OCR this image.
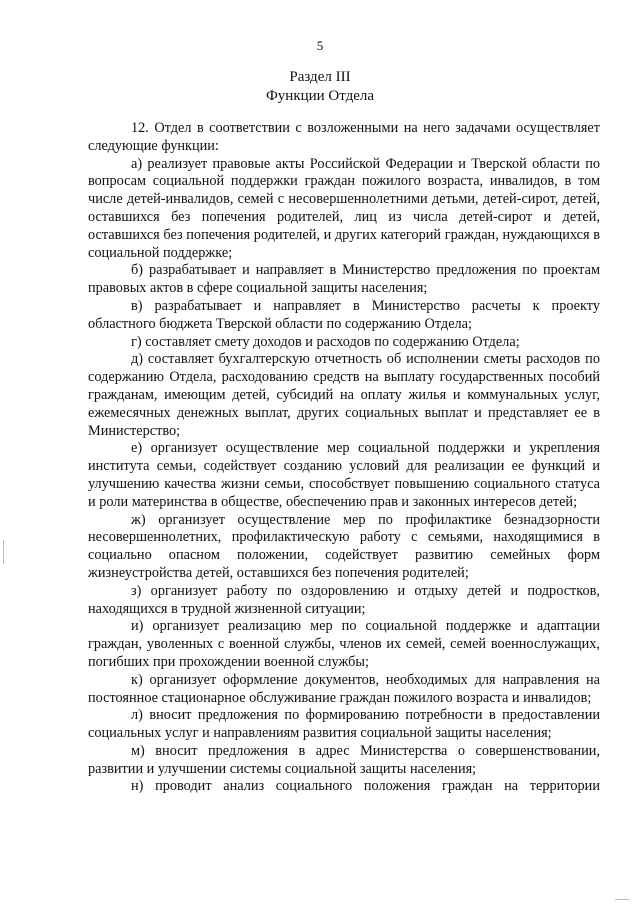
5
Раздел III
Функции Отдела

12. Отдел в соответствии с возложенными на него задачами осуществляет следующие функции:

а) реализует правовые акты Российской Федерации и Тверской области по вопросам социальной поддержки граждан пожилого возраста, инвалидов, в том числе детей-инвалидов, семей с несовершеннолетними детьми, детей-сирот, детей, оставшихся без попечения родителей, лиц из числа детей-сирот и детей, оставшихся без попечения родителей, и других категорий граждан, нуждающихся в социальной поддержке;

б) разрабатывает и направляет в Министерство предложения по проектам правовых актов в сфере социальной защиты населения;

в) разрабатывает и направляет в Министерство расчеты к проекту областного бюджета Тверской области по содержанию Отдела;

г) составляет смету доходов и расходов по содержанию Отдела;

д) составляет бухгалтерскую отчетность об исполнении сметы расходов по содержанию Отдела, расходованию средств на выплату государственных пособий гражданам, имеющим детей, субсидий на оплату жилья и коммунальных услуг, ежемесячных денежных выплат, других социальных выплат и представляет ее в Министерство;

е) организует осуществление мер социальной поддержки и укрепления института семьи, содействует созданию условий для реализации ее функций и улучшению качества жизни семьи, способствует повышению социального статуса и роли материнства в обществе, обеспечению прав и законных интересов детей;

ж) организует осуществление мер по профилактике безнадзорности несовершеннолетних, профилактическую работу с семьями, находящимися в социально опасном положении, содействует развитию семейных форм жизнеустройства детей, оставшихся без попечения родителей;

з) организует работу по оздоровлению и отдыху детей и подростков, находящихся в трудной жизненной ситуации;

и) организует реализацию мер по социальной поддержке и адаптации граждан, уволенных с военной службы, членов их семей, семей военнослужащих, погибших при прохождении военной службы;

к) организует оформление документов, необходимых для направления на постоянное стационарное обслуживание граждан пожилого возраста и инвалидов;

л) вносит предложения по формированию потребности в предоставлении социальных услуг и направлениям развития социальной защиты населения;

м) вносит предложения в адрес Министерства о совершенствовании, развитии и улучшении системы социальной защиты населения;

н) проводит анализ социального положения граждан на территории
